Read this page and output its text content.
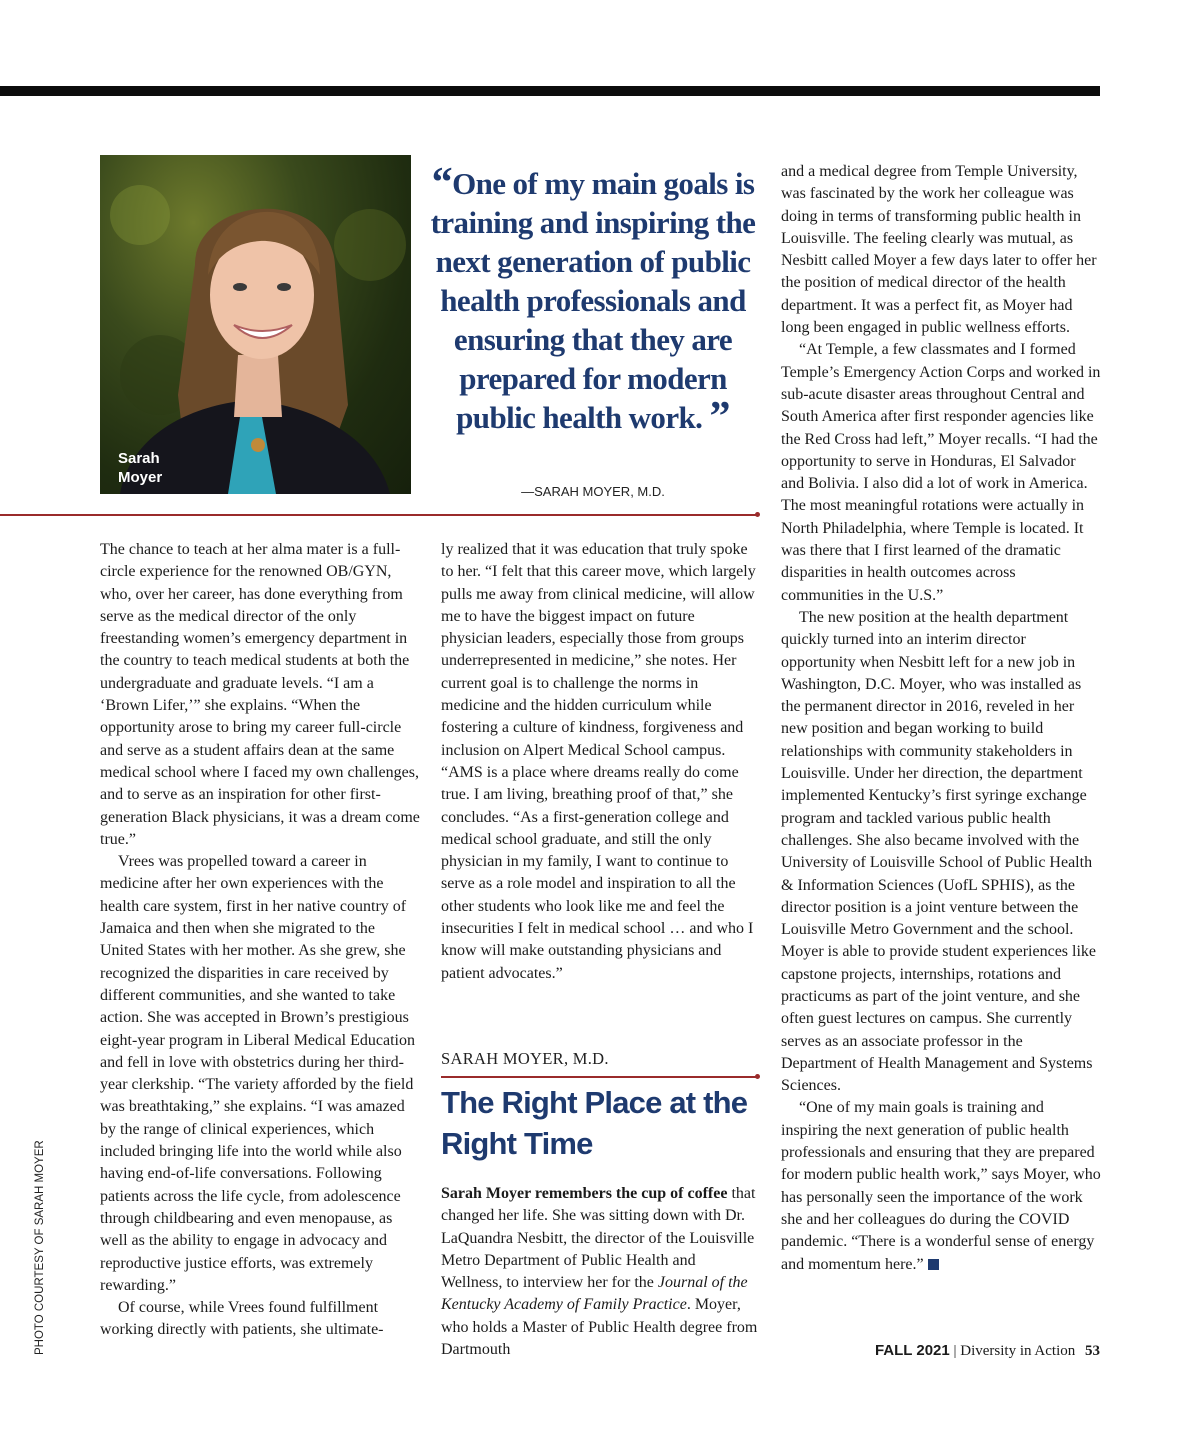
Sarah
Moyer
“One of my main goals is training and inspiring the next generation of public health professionals and ensuring that they are prepared for modern public health work. ”
—SARAH MOYER, M.D.

The chance to teach at her alma mater is a full-circle experience for the renowned OB/GYN, who, over her career, has done everything from serve as the medical director of the only freestanding women’s emergency department in the country to teach medical students at both the undergraduate and graduate levels. “I am a ‘Brown Lifer,’” she explains. “When the opportunity arose to bring my career full-circle and serve as a student affairs dean at the same medical school where I faced my own challenges, and to serve as an inspiration for other first-generation Black physicians, it was a dream come true.”

Vrees was propelled toward a career in medicine after her own experiences with the health care system, first in her native country of Jamaica and then when she migrated to the United States with her mother. As she grew, she recognized the disparities in care received by different communities, and she wanted to take action. She was accepted in Brown’s prestigious eight-year program in Liberal Medical Education and fell in love with obstetrics during her third-year clerkship. “The variety afforded by the field was breathtaking,” she explains. “I was amazed by the range of clinical experiences, which included bringing life into the world while also having end-of-life conversations. Following patients across the life cycle, from adolescence through childbearing and even menopause, as well as the ability to engage in advocacy and reproductive justice efforts, was extremely rewarding.”

Of course, while Vrees found fulfillment working directly with patients, she ultimate-

ly realized that it was education that truly spoke to her. “I felt that this career move, which largely pulls me away from clinical medicine, will allow me to have the biggest impact on future physician leaders, especially those from groups underrepresented in medicine,” she notes. Her current goal is to challenge the norms in medicine and the hidden curriculum while fostering a culture of kindness, forgiveness and inclusion on Alpert Medical School campus. “AMS is a place where dreams really do come true. I am living, breathing proof of that,” she concludes. “As a first-generation college and medical school graduate, and still the only physician in my family, I want to continue to serve as a role model and inspiration to all the other students who look like me and feel the insecurities I felt in medical school … and who I know will make outstanding physicians and patient advocates.”

SARAH MOYER, M.D.
The Right Place at the Right Time

Sarah Moyer remembers the cup of coffee that changed her life. She was sitting down with Dr. LaQuandra Nesbitt, the director of the Louisville Metro Department of Public Health and Wellness, to interview her for the Journal of the Kentucky Academy of Family Practice. Moyer, who holds a Master of Public Health degree from Dartmouth

and a medical degree from Temple University, was fascinated by the work her colleague was doing in terms of transforming public health in Louisville. The feeling clearly was mutual, as Nesbitt called Moyer a few days later to offer her the position of medical director of the health department. It was a perfect fit, as Moyer had long been engaged in public wellness efforts.

“At Temple, a few classmates and I formed Temple’s Emergency Action Corps and worked in sub-acute disaster areas throughout Central and South America after first responder agencies like the Red Cross had left,” Moyer recalls. “I had the opportunity to serve in Honduras, El Salvador and Bolivia. I also did a lot of work in America. The most meaningful rotations were actually in North Philadelphia, where Temple is located. It was there that I first learned of the dramatic disparities in health outcomes across communities in the U.S.”

The new position at the health department quickly turned into an interim director opportunity when Nesbitt left for a new job in Washington, D.C. Moyer, who was installed as the permanent director in 2016, reveled in her new position and began working to build relationships with community stakeholders in Louisville. Under her direction, the department implemented Kentucky’s first syringe exchange program and tackled various public health challenges. She also became involved with the University of Louisville School of Public Health & Information Sciences (UofL SPHIS), as the director position is a joint venture between the Louisville Metro Government and the school. Moyer is able to provide student experiences like capstone projects, internships, rotations and practicums as part of the joint venture, and she often guest lectures on campus. She currently serves as an associate professor in the Department of Health Management and Systems Sciences.

“One of my main goals is training and inspiring the next generation of public health professionals and ensuring that they are prepared for modern public health work,” says Moyer, who has personally seen the importance of the work she and her colleagues do during the COVID pandemic. “There is a wonderful sense of energy and momentum here.”

PHOTO COURTESY OF SARAH MOYER	FALL 2021 | Diversity in Action 53
